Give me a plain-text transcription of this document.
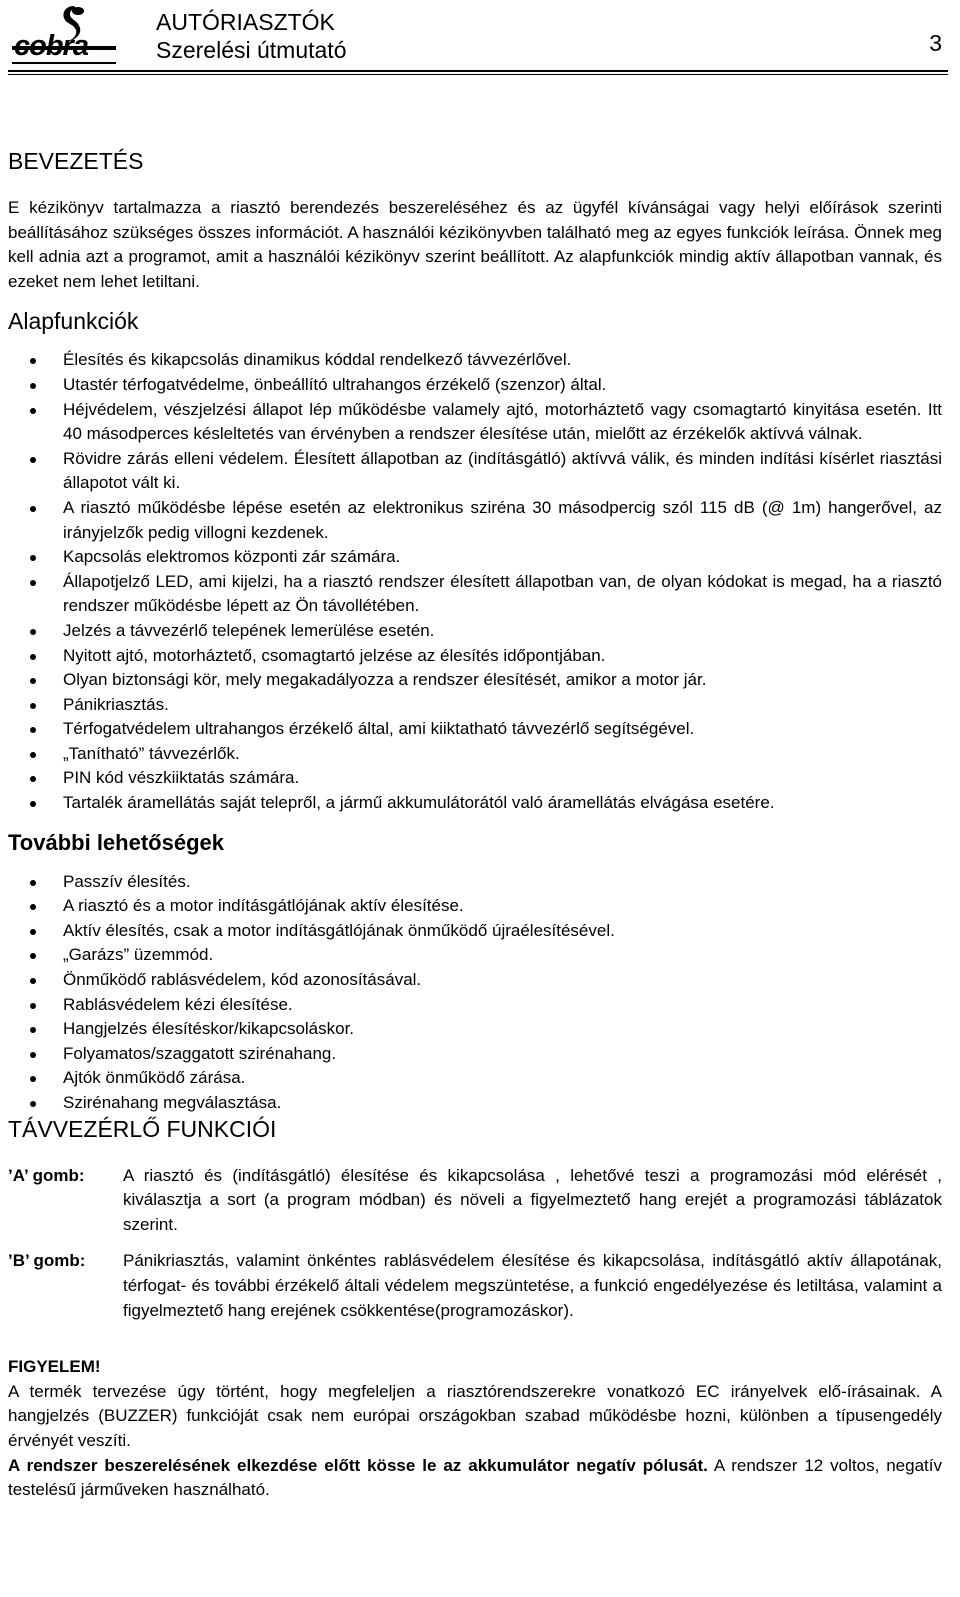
cobra
AUTÓRIASZTÓK
Szerelési útmutató	3
BEVEZETÉS

E kézikönyv tartalmazza a riasztó berendezés beszereléséhez és az ügyfél kívánságai vagy helyi előírások szerinti beállításához szükséges összes információt. A használói kézikönyvben található meg az egyes funkciók leírása. Önnek meg kell adnia azt a programot, amit a használói kézikönyv szerint beállított. Az alapfunkciók mindig aktív állapotban vannak, és ezeket nem lehet letiltani.

Alapfunkciók
Élesítés és kikapcsolás dinamikus kóddal rendelkező távvezérlővel.
Utastér térfogatvédelme, önbeállító ultrahangos érzékelő (szenzor) által.
Héjvédelem, vészjelzési állapot lép működésbe valamely ajtó, motorháztető vagy csomagtartó kinyitása esetén. Itt 40 másodperces késleltetés van érvényben a rendszer élesítése után, mielőtt az érzékelők aktívvá válnak.
Rövidre zárás elleni védelem. Élesített állapotban az (indításgátló) aktívvá válik, és minden indítási kísérlet riasztási állapotot vált ki.
A riasztó működésbe lépése esetén az elektronikus sziréna 30 másodpercig szól 115 dB (@ 1m) hangerővel, az irányjelzők pedig villogni kezdenek.
Kapcsolás elektromos központi zár számára.
Állapotjelző LED, ami kijelzi, ha a riasztó rendszer élesített állapotban van, de olyan kódokat is megad, ha a riasztó rendszer működésbe lépett az Ön távollétében.
Jelzés a távvezérlő telepének lemerülése esetén.
Nyitott ajtó, motorháztető, csomagtartó jelzése az élesítés időpontjában.
Olyan biztonsági kör, mely megakadályozza a rendszer élesítését, amikor a motor jár.
Pánikriasztás.
Térfogatvédelem ultrahangos érzékelő által, ami kiiktatható távvezérlő segítségével.
„Tanítható” távvezérlők.
PIN kód vészkiiktatás számára.
Tartalék áramellátás saját telepről, a jármű akkumulátorától való áramellátás elvágása esetére.
További lehetőségek
Passzív élesítés.
A riasztó és a motor indításgátlójának aktív élesítése.
Aktív élesítés, csak a motor indításgátlójának önműködő újraélesítésével.
„Garázs” üzemmód.
Önműködő rablásvédelem, kód azonosításával.
Rablásvédelem kézi élesítése.
Hangjelzés élesítéskor/kikapcsoláskor.
Folyamatos/szaggatott szirénahang.
Ajtók önműködő zárása.
Szirénahang megválasztása.
TÁVVEZÉRLŐ FUNKCIÓI
’A’ gomb:	A riasztó és (indításgátló) élesítése és kikapcsolása , lehetővé teszi a programozási mód elérését , kiválasztja a sort (a program módban) és növeli a figyelmeztető hang erejét a programozási táblázatok szerint.
’B’ gomb:	Pánikriasztás, valamint önkéntes rablásvédelem élesítése és kikapcsolása, indításgátló aktív állapotának, térfogat- és további érzékelő általi védelem megszüntetése, a funkció engedélyezése és letiltása, valamint a figyelmeztető hang erejének csökkentése(programozáskor).
FIGYELEM!

A termék tervezése úgy történt, hogy megfeleljen a riasztórendszerekre vonatkozó EC irányelvek elő-írásainak. A hangjelzés (BUZZER) funkcióját csak nem európai országokban szabad működésbe hozni, különben a típusengedély érvényét veszíti.

A rendszer beszerelésének elkezdése előtt kösse le az akkumulátor negatív pólusát. A rendszer 12 voltos, negatív testelésű járműveken használható.
